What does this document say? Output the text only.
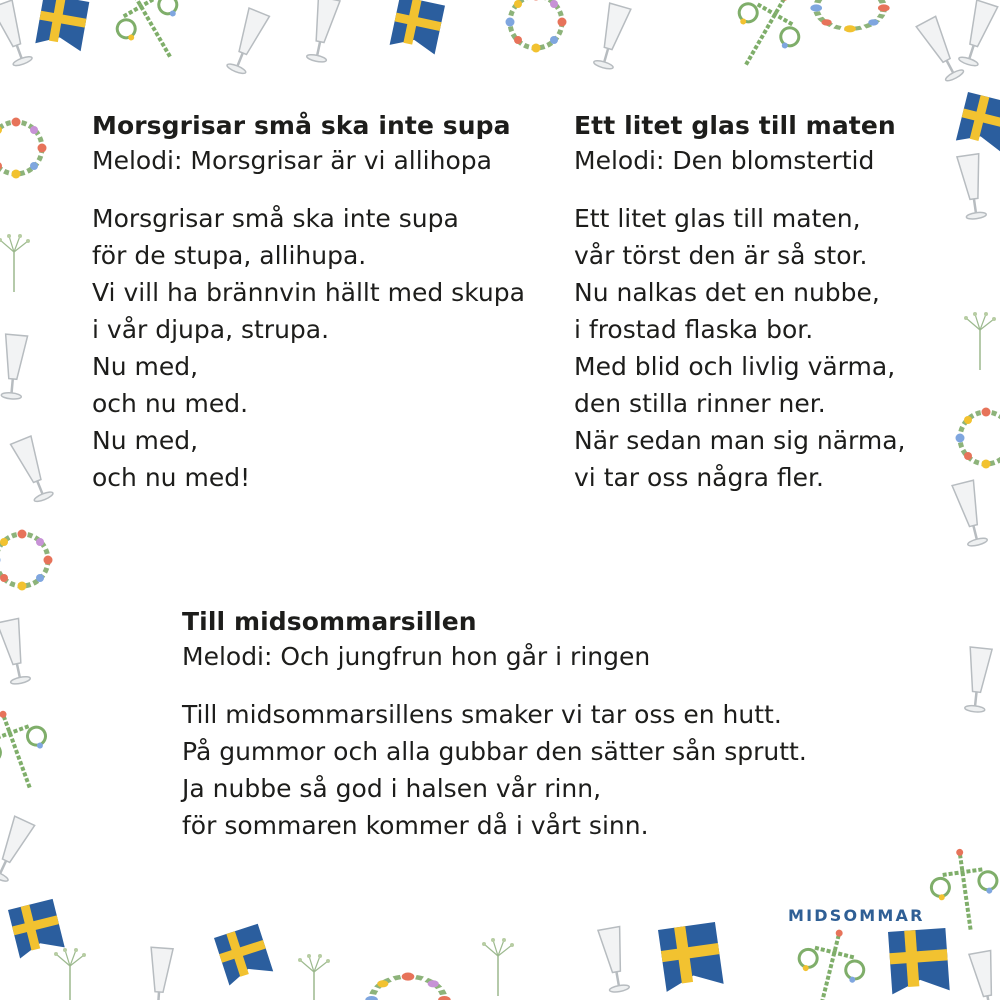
Morsgrisar små ska inte supa
Melodi: Morsgrisar är vi allihopa
Morsgrisar små ska inte supa
för de stupa, allihupa.
Vi vill ha brännvin hällt med skupa
i vår djupa, strupa.
Nu med,
och nu med.
Nu med,
och nu med!
Ett litet glas till maten
Melodi: Den blomstertid
Ett litet glas till maten,
vår törst den är så stor.
Nu nalkas det en nubbe,
i frostad flaska bor.
Med blid och livlig värma,
den stilla rinner ner.
När sedan man sig närma,
vi tar oss några fler.
Till midsommarsillen
Melodi: Och jungfrun hon går i ringen
Till midsommarsillens smaker vi tar oss en hutt.
På gummor och alla gubbar den sätter sån sprutt.
Ja nubbe så god i halsen vår rinn,
för sommaren kommer då i vårt sinn.
MIDSOMMAR
